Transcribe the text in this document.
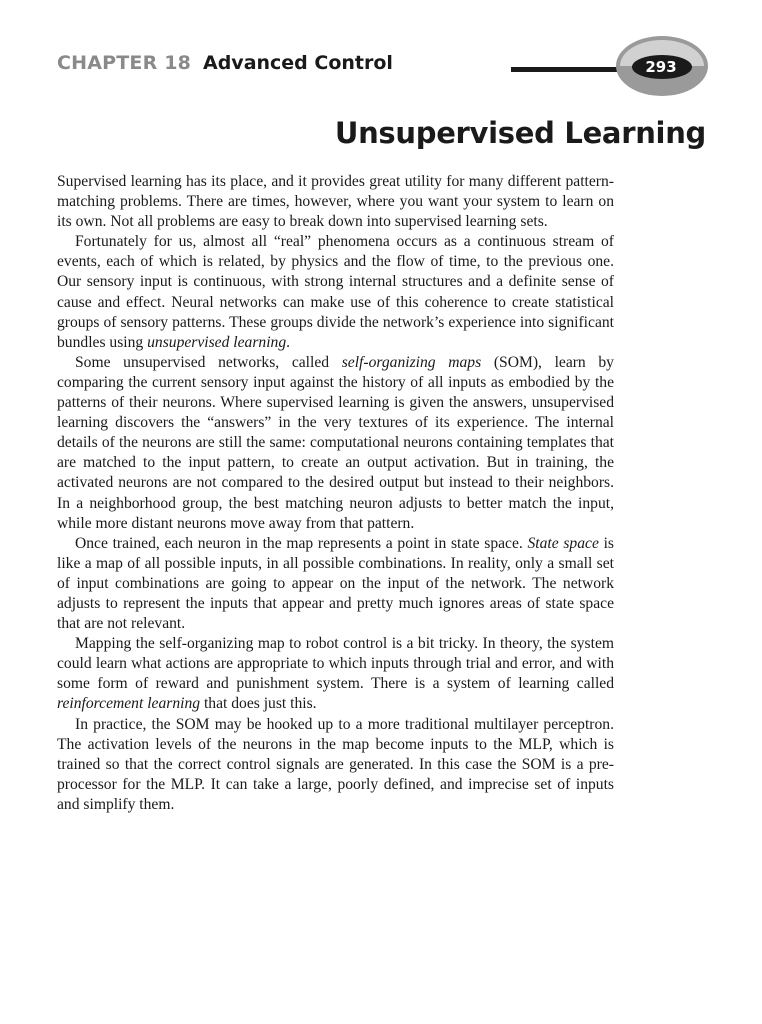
CHAPTER 18 Advanced Control	293
Unsupervised Learning

Supervised learning has its place, and it provides great utility for many different pattern-matching problems. There are times, however, where you want your system to learn on its own. Not all problems are easy to break down into supervised learning sets.

Fortunately for us, almost all “real” phenomena occurs as a continuous stream of events, each of which is related, by physics and the flow of time, to the previous one. Our sensory input is continuous, with strong internal structures and a definite sense of cause and effect. Neural networks can make use of this coherence to create statistical groups of sensory patterns. These groups divide the network’s experience into significant bundles using unsupervised learning.

Some unsupervised networks, called self-organizing maps (SOM), learn by comparing the current sensory input against the history of all inputs as embodied by the patterns of their neurons. Where supervised learning is given the answers, unsupervised learning discovers the “answers” in the very textures of its experience. The internal details of the neurons are still the same: computational neurons containing templates that are matched to the input pattern, to create an output activation. But in training, the activated neurons are not compared to the desired output but instead to their neighbors. In a neighborhood group, the best matching neuron adjusts to better match the input, while more distant neurons move away from that pattern.

Once trained, each neuron in the map represents a point in state space. State space is like a map of all possible inputs, in all possible combinations. In reality, only a small set of input combinations are going to appear on the input of the network. The network adjusts to represent the inputs that appear and pretty much ignores areas of state space that are not relevant.

Mapping the self-organizing map to robot control is a bit tricky. In theory, the system could learn what actions are appropriate to which inputs through trial and error, and with some form of reward and punishment system. There is a system of learning called reinforcement learning that does just this.

In practice, the SOM may be hooked up to a more traditional multilayer perceptron. The activation levels of the neurons in the map become inputs to the MLP, which is trained so that the correct control signals are generated. In this case the SOM is a pre-processor for the MLP. It can take a large, poorly defined, and imprecise set of inputs and simplify them.
